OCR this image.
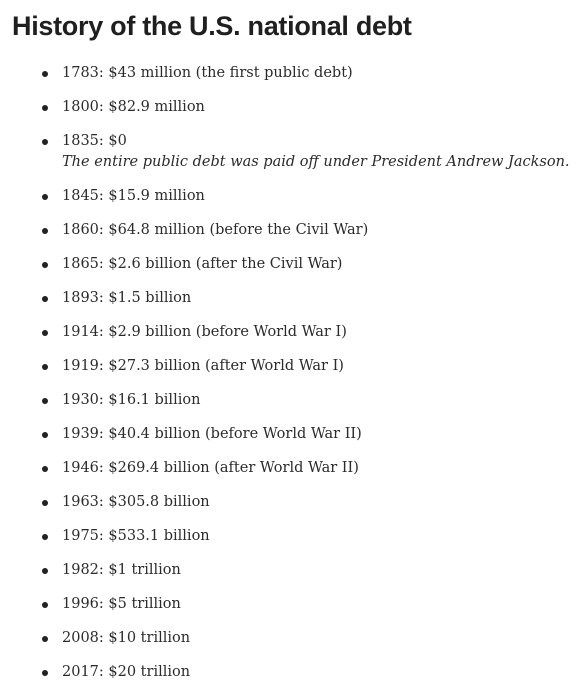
History of the U.S. national debt
1783: $43 million (the first public debt)
1800: $82.9 million
1835: $0
The entire public debt was paid off under President Andrew Jackson.
1845: $15.9 million
1860: $64.8 million (before the Civil War)
1865: $2.6 billion (after the Civil War)
1893: $1.5 billion
1914: $2.9 billion (before World War I)
1919: $27.3 billion (after World War I)
1930: $16.1 billion
1939: $40.4 billion (before World War II)
1946: $269.4 billion (after World War II)
1963: $305.8 billion
1975: $533.1 billion
1982: $1 trillion
1996: $5 trillion
2008: $10 trillion
2017: $20 trillion
